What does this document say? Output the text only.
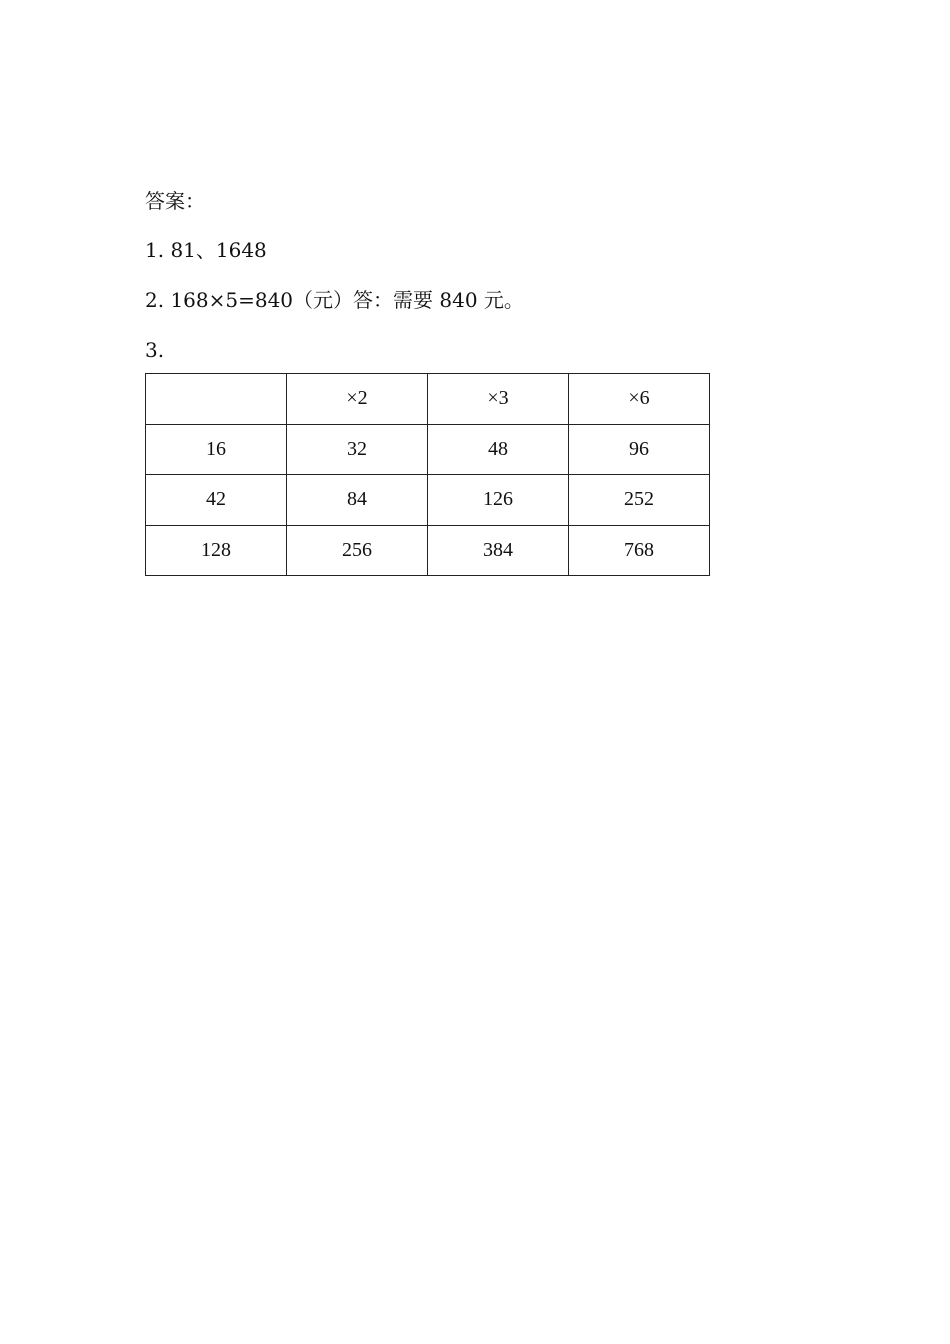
答案：
1. 81、1648
2. 168×5=840（元）答：需要 840 元。
3.
	×2	×3	×6
16	32	48	96
42	84	126	252
128	256	384	768
